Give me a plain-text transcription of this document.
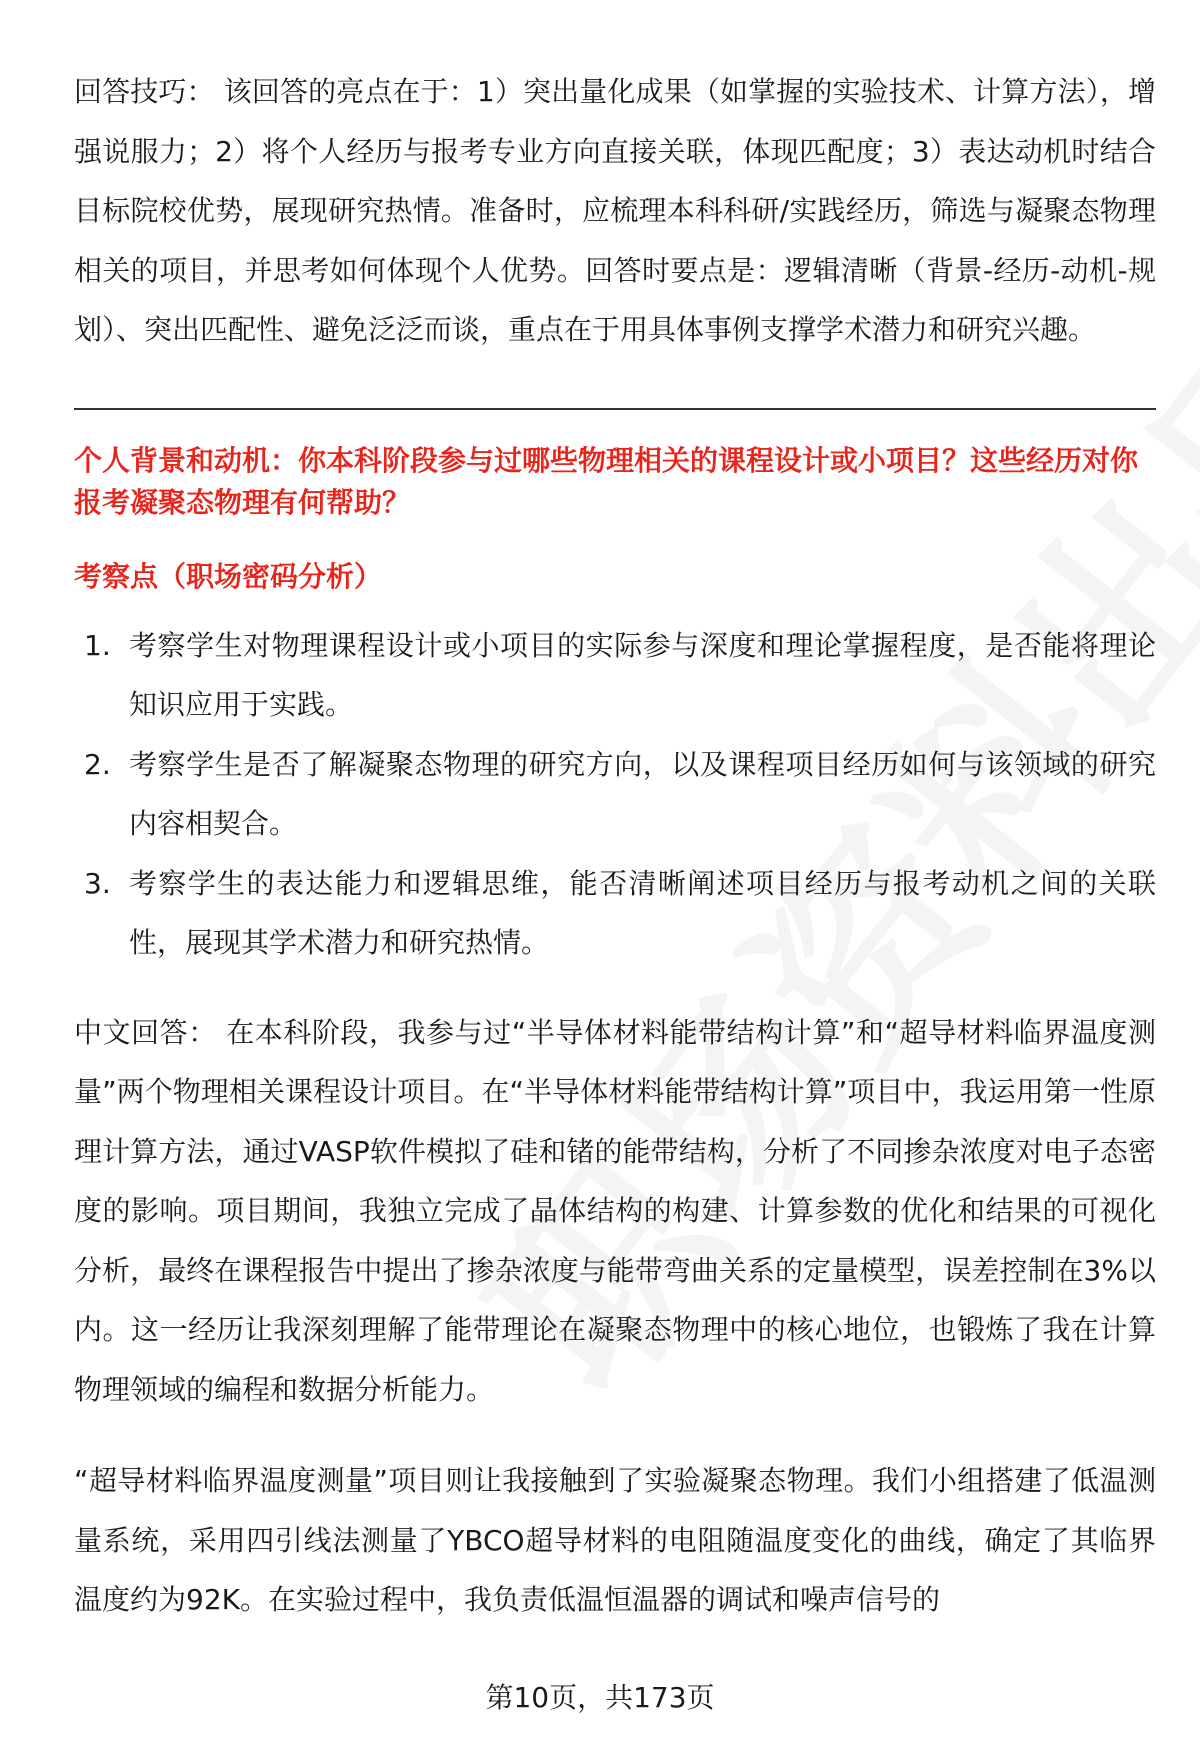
回答技巧： 该回答的亮点在于：1）突出量化成果（如掌握的实验技术、计算方法），增强说服力；2）将个人经历与报考专业方向直接关联，体现匹配度；3）表达动机时结合目标院校优势，展现研究热情。准备时，应梳理本科科研/实践经历，筛选与凝聚态物理相关的项目，并思考如何体现个人优势。回答时要点是：逻辑清晰（背景-经历-动机-规划）、突出匹配性、避免泛泛而谈，重点在于用具体事例支撑学术潜力和研究兴趣。

个人背景和动机：你本科阶段参与过哪些物理相关的课程设计或小项目？这些经历对你报考凝聚态物理有何帮助？

考察点（职场密码分析）

1. 考察学生对物理课程设计或小项目的实际参与深度和理论掌握程度，是否能将理论知识应用于实践。
2. 考察学生是否了解凝聚态物理的研究方向，以及课程项目经历如何与该领域的研究内容相契合。
3. 考察学生的表达能力和逻辑思维，能否清晰阐述项目经历与报考动机之间的关联性，展现其学术潜力和研究热情。

中文回答： 在本科阶段，我参与过“半导体材料能带结构计算”和“超导材料临界温度测量”两个物理相关课程设计项目。在“半导体材料能带结构计算”项目中，我运用第一性原理计算方法，通过VASP软件模拟了硅和锗的能带结构，分析了不同掺杂浓度对电子态密度的影响。项目期间，我独立完成了晶体结构的构建、计算参数的优化和结果的可视化分析，最终在课程报告中提出了掺杂浓度与能带弯曲关系的定量模型，误差控制在3%以内。这一经历让我深刻理解了能带理论在凝聚态物理中的核心地位，也锻炼了我在计算物理领域的编程和数据分析能力。

“超导材料临界温度测量”项目则让我接触到了实验凝聚态物理。我们小组搭建了低温测量系统，采用四引线法测量了YBCO超导材料的电阻随温度变化的曲线，确定了其临界温度约为92K。在实验过程中，我负责低温恒温器的调试和噪声信号的

第10页，共173页
